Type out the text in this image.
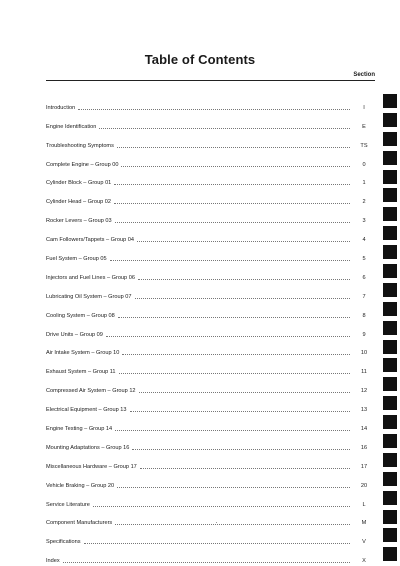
Table of Contents
Section
Introduction	I
Engine Identification	E
Troubleshooting Symptoms	TS
Complete Engine – Group 00	0
Cylinder Block – Group 01	1
Cylinder Head – Group 02	2
Rocker Levers – Group 03	3
Cam Followers/Tappets – Group 04	4
Fuel System – Group 05	5
Injectors and Fuel Lines – Group 06	6
Lubricating Oil System – Group 07	7
Cooling System – Group 08	8
Drive Units – Group 09	9
Air Intake System – Group 10	10
Exhaust System – Group 11	11
Compressed Air System – Group 12	12
Electrical Equipment – Group 13	13
Engine Testing – Group 14	14
Mounting Adaptations – Group 16	16
Miscellaneous Hardware – Group 17	17
Vehicle Braking – Group 20	20
Service Literature	L
Component Manufacturers	M
Specifications	V
Index	X
